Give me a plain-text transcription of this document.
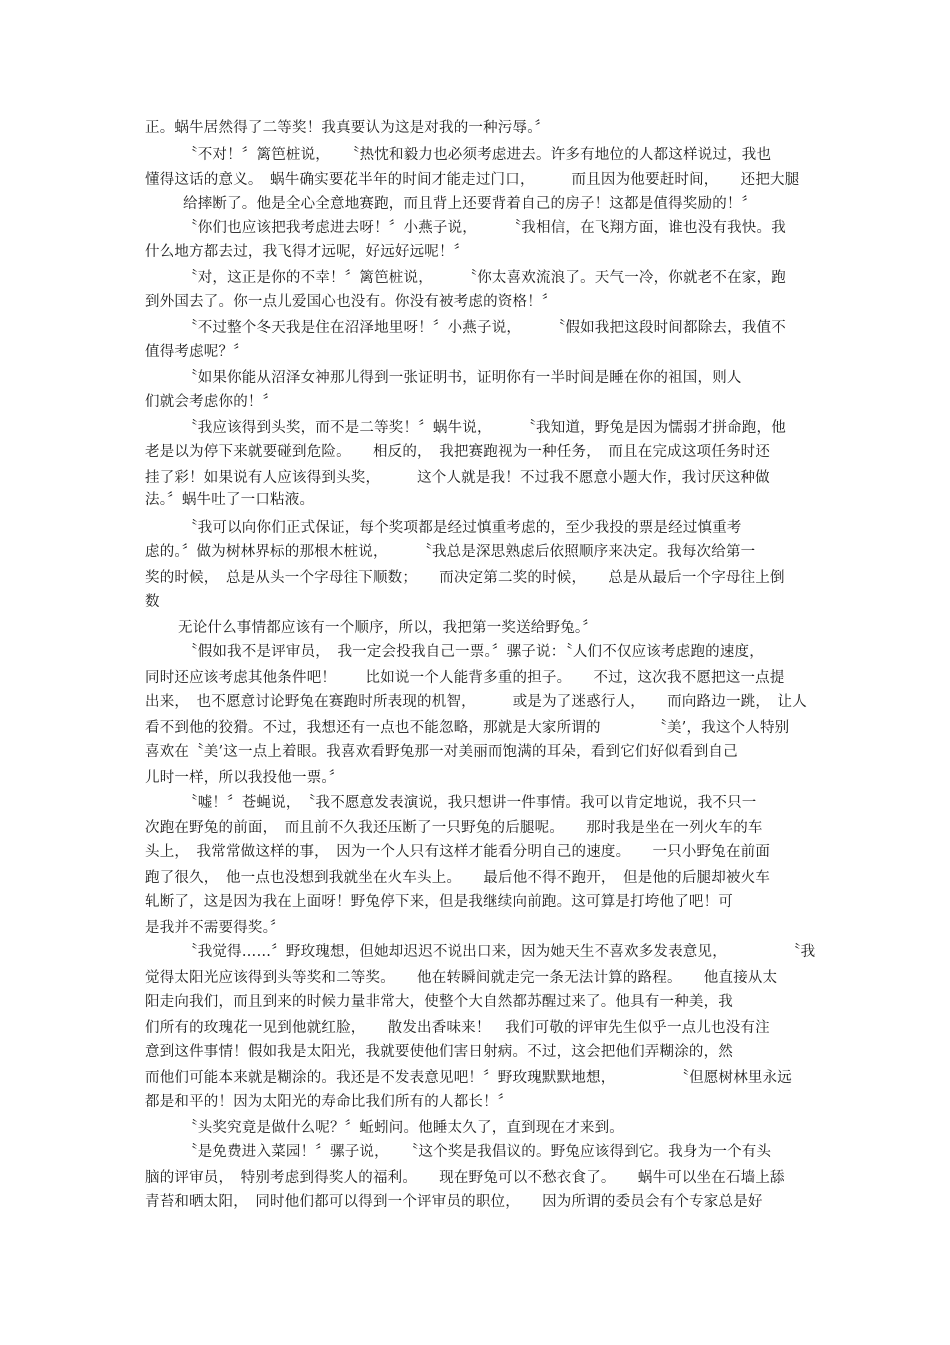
正。蜗牛居然得了二等奖！我真要认为这是对我的一种污辱。〞
〝不对！〞篱笆桩说，　　〝热忱和毅力也必须考虑进去。许多有地位的人都这样说过，我也
懂得这话的意义。　蜗牛确实要花半年的时间才能走过门口，　　　而且因为他要赶时间，　　还把大腿
给摔断了。他是全心全意地赛跑，而且背上还要背着自己的房子！这都是值得奖励的！〞
〝你们也应该把我考虑进去呀！〞小燕子说，　　　〝我相信，在飞翔方面，谁也没有我快。我
什么地方都去过，我飞得才远呢，好远好远呢！〞
〝对，这正是你的不幸！〞篱笆桩说，　　　〝你太喜欢流浪了。天气一冷，你就老不在家，跑
到外国去了。你一点儿爱国心也没有。你没有被考虑的资格！〞
〝不过整个冬天我是住在沼泽地里呀！〞小燕子说，　　　〝假如我把这段时间都除去，我值不
值得考虑呢？〞
〝如果你能从沼泽女神那儿得到一张证明书，证明你有一半时间是睡在你的祖国，则人
们就会考虑你的！〞
〝我应该得到头奖，而不是二等奖！〞蜗牛说，　　　〝我知道，野兔是因为懦弱才拼命跑，他
老是以为停下来就要碰到危险。　　相反的，　我把赛跑视为一种任务，　而且在完成这项任务时还
挂了彩！如果说有人应该得到头奖，　　　这个人就是我！不过我不愿意小题大作，我讨厌这种做
法。〞蜗牛吐了一口粘液。
〝我可以向你们正式保证，每个奖项都是经过慎重考虑的，至少我投的票是经过慎重考
虑的。〞做为树林界标的那根木桩说，　　　〝我总是深思熟虑后依照顺序来决定。我每次给第一
奖的时候，　总是从头一个字母往下顺数；　　而决定第二奖的时候，　　总是从最后一个字母往上倒
数
无论什么事情都应该有一个顺序，所以，我把第一奖送给野兔。〞
〝假如我不是评审员，　我一定会投我自己一票。〞骡子说：〝人们不仅应该考虑跑的速度，
同时还应该考虑其他条件吧！　　比如说一个人能背多重的担子。　　不过，这次我不愿把这一点提
出来，　也不愿意讨论野兔在赛跑时所表现的机智，　　　或是为了迷惑行人，　　而向路边一跳，　让人
看不到他的狡猾。不过，我想还有一点也不能忽略，那就是大家所谓的　　　　〝美’，我这个人特别
喜欢在〝美’这一点上着眼。我喜欢看野兔那一对美丽而饱满的耳朵，看到它们好似看到自己
儿时一样，所以我投他一票。〞
〝嘘！〞苍蝇说，　〝我不愿意发表演说，我只想讲一件事情。我可以肯定地说，我不只一
次跑在野兔的前面，　而且前不久我还压断了一只野兔的后腿呢。　　那时我是坐在一列火车的车
头上，　我常常做这样的事，　因为一个人只有这样才能看分明自己的速度。　　一只小野兔在前面
跑了很久，　他一点也没想到我就坐在火车头上。　　最后他不得不跑开，　但是他的后腿却被火车
轧断了，这是因为我在上面呀！野兔停下来，但是我继续向前跑。这可算是打垮他了吧！可
是我并不需要得奖。〞
〝我觉得……〞野玫瑰想，但她却迟迟不说出口来，因为她天生不喜欢多发表意见，　　　　　〝我
觉得太阳光应该得到头等奖和二等奖。　　他在转瞬间就走完一条无法计算的路程。　　他直接从太
阳走向我们，而且到来的时候力量非常大，使整个大自然都苏醒过来了。他具有一种美，我
们所有的玫瑰花一见到他就红脸，　　散发出香味来！　我们可敬的评审先生似乎一点儿也没有注
意到这件事情！假如我是太阳光，我就要使他们害日射病。不过，这会把他们弄糊涂的，然
而他们可能本来就是糊涂的。我还是不发表意见吧！〞野玫瑰默默地想，　　　　　〝但愿树林里永远
都是和平的！因为太阳光的寿命比我们所有的人都长！〞
〝头奖究竟是做什么呢？〞蚯蚓问。他睡太久了，直到现在才来到。
〝是免费进入菜园！〞骡子说，　　〝这个奖是我倡议的。野兔应该得到它。我身为一个有头
脑的评审员，　特别考虑到得奖人的福利。　　现在野兔可以不愁衣食了。　　蜗牛可以坐在石墙上舔
青苔和晒太阳，　同时他们都可以得到一个评审员的职位，　　因为所谓的委员会有个专家总是好
